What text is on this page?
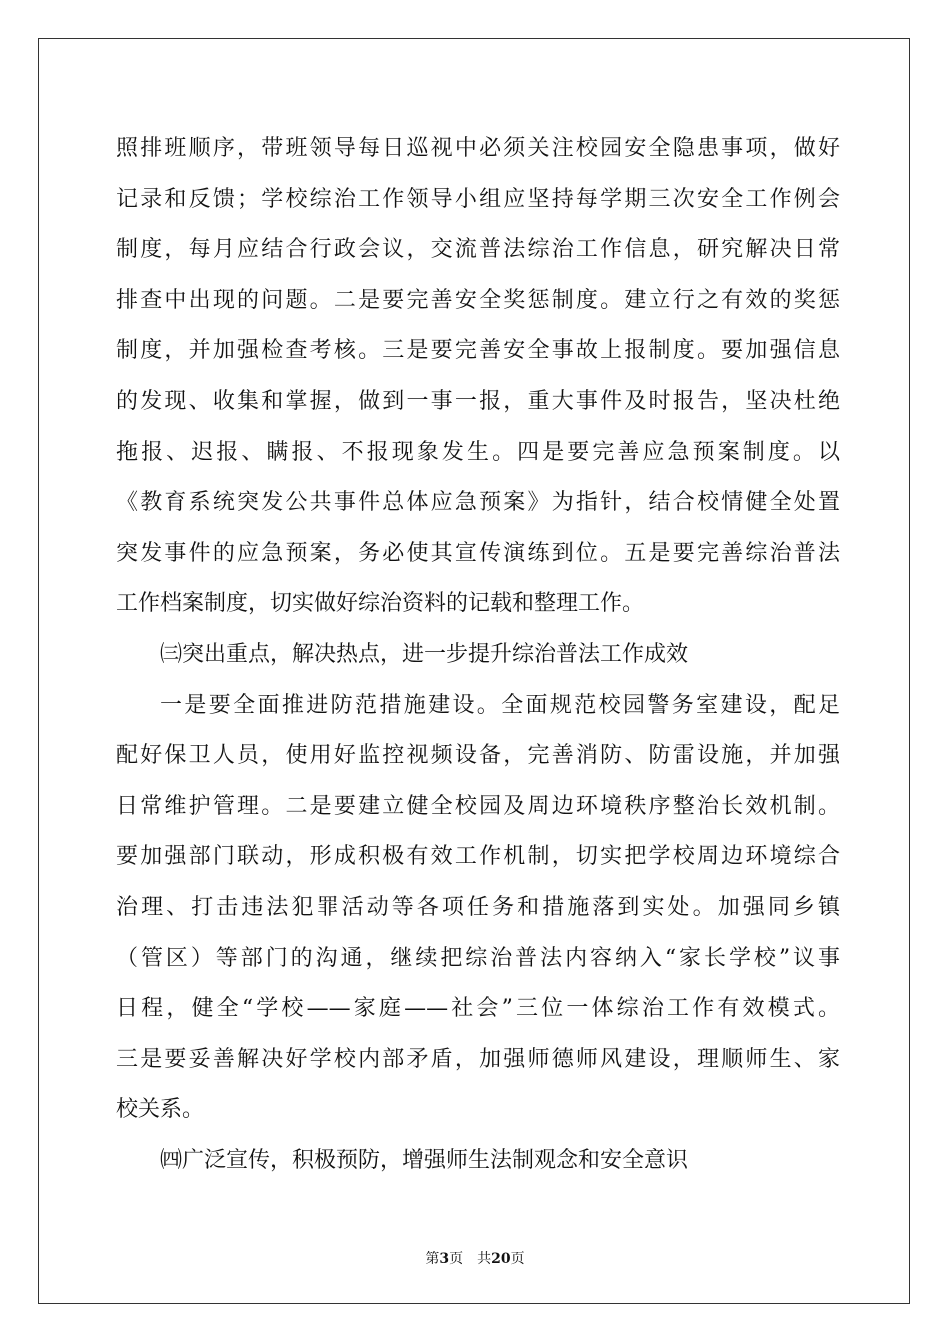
照排班顺序，带班领导每日巡视中必须关注校园安全隐患事项，做好
记录和反馈；学校综治工作领导小组应坚持每学期三次安全工作例会
制度，每月应结合行政会议，交流普法综治工作信息，研究解决日常
排查中出现的问题。二是要完善安全奖惩制度。建立行之有效的奖惩
制度，并加强检查考核。三是要完善安全事故上报制度。要加强信息
的发现、收集和掌握，做到一事一报，重大事件及时报告，坚决杜绝
拖报、迟报、瞒报、不报现象发生。四是要完善应急预案制度。以
《教育系统突发公共事件总体应急预案》为指针，结合校情健全处置
突发事件的应急预案，务必使其宣传演练到位。五是要完善综治普法
工作档案制度，切实做好综治资料的记载和整理工作。
㈢突出重点，解决热点，进一步提升综治普法工作成效
一是要全面推进防范措施建设。全面规范校园警务室建设，配足
配好保卫人员，使用好监控视频设备，完善消防、防雷设施，并加强
日常维护管理。二是要建立健全校园及周边环境秩序整治长效机制。
要加强部门联动，形成积极有效工作机制，切实把学校周边环境综合
治理、打击违法犯罪活动等各项任务和措施落到实处。加强同乡镇
（管区）等部门的沟通，继续把综治普法内容纳入“家长学校”议事
日程，健全“学校——家庭——社会”三位一体综治工作有效模式。
三是要妥善解决好学校内部矛盾，加强师德师风建设，理顺师生、家
校关系。
㈣广泛宣传，积极预防，增强师生法制观念和安全意识
第3页　共20页
